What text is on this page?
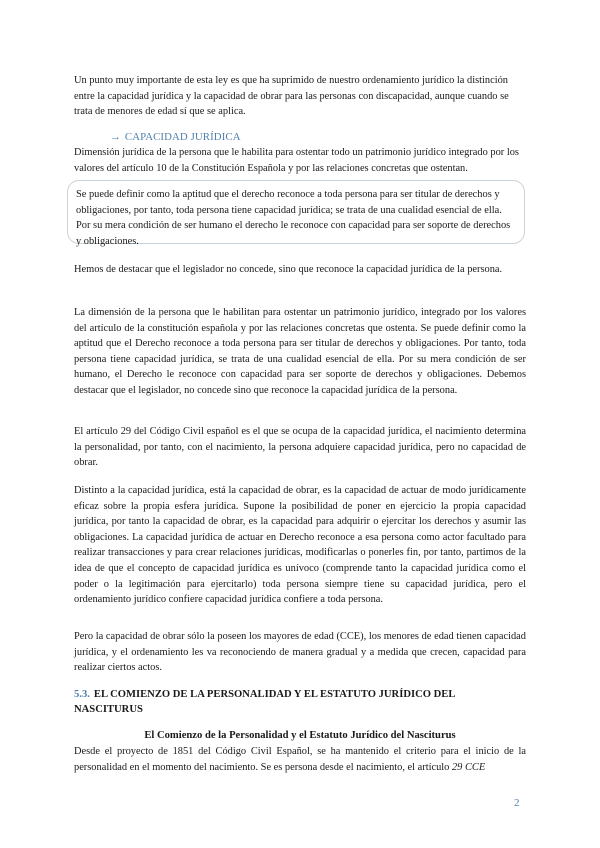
Un punto muy importante de esta ley es que ha suprimido de nuestro ordenamiento jurídico la distinción entre la capacidad jurídica y la capacidad de obrar para las personas con discapacidad, aunque cuando se trata de menores de edad sí que se aplica.

→ CAPACIDAD JURÍDICA

Dimensión jurídica de la persona que le habilita para ostentar todo un patrimonio jurídico integrado por los valores del artículo 10 de la Constitución Española y por las relaciones concretas que ostentan.

Se puede definir como la aptitud que el derecho reconoce a toda persona para ser titular de derechos y obligaciones, por tanto, toda persona tiene capacidad jurídica; se trata de una cualidad esencial de ella. Por su mera condición de ser humano el derecho le reconoce con capacidad para ser soporte de derechos y obligaciones.

Hemos de destacar que el legislador no concede, sino que reconoce la capacidad jurídica de la persona.

La dimensión de la persona que le habilitan para ostentar un patrimonio jurídico, integrado por los valores del artículo de la constitución española y por las relaciones concretas que ostenta. Se puede definir como la aptitud que el Derecho reconoce a toda persona para ser titular de derechos y obligaciones. Por tanto, toda persona tiene capacidad jurídica, se trata de una cualidad esencial de ella. Por su mera condición de ser humano, el Derecho le reconoce con capacidad para ser soporte de derechos y obligaciones. Debemos destacar que el legislador, no concede sino que reconoce la capacidad jurídica de la persona.

El artículo 29 del Código Civil español es el que se ocupa de la capacidad jurídica, el nacimiento determina la personalidad, por tanto, con el nacimiento, la persona adquiere capacidad jurídica, pero no capacidad de obrar.

Distinto a la capacidad jurídica, está la capacidad de obrar, es la capacidad de actuar de modo jurídicamente eficaz sobre la propia esfera jurídica. Supone la posibilidad de poner en ejercicio la propia capacidad jurídica, por tanto la capacidad de obrar, es la capacidad para adquirir o ejercitar los derechos y asumir las obligaciones. La capacidad jurídica de actuar en Derecho reconoce a esa persona como actor facultado para realizar transacciones y para crear relaciones jurídicas, modificarlas o ponerles fin, por tanto, partimos de la idea de que el concepto de capacidad jurídica es unívoco (comprende tanto la capacidad jurídica como el poder o la legitimación para ejercitarlo) toda persona siempre tiene su capacidad jurídica, pero el ordenamiento jurídico confiere capacidad jurídica confiere a toda persona.

Pero la capacidad de obrar sólo la poseen los mayores de edad (CCE), los menores de edad tienen capacidad jurídica, y el ordenamiento les va reconociendo de manera gradual y a medida que crecen, capacidad para realizar ciertos actos.

5.3. EL COMIENZO DE LA PERSONALIDAD Y EL ESTATUTO JURÍDICO DEL NASCITURUS
El Comienzo de la Personalidad y el Estatuto Jurídico del Nasciturus

Desde el proyecto de 1851 del Código Civil Español, se ha mantenido el criterio para el inicio de la personalidad en el momento del nacimiento. Se es persona desde el nacimiento, el artículo 29 CCE

2
